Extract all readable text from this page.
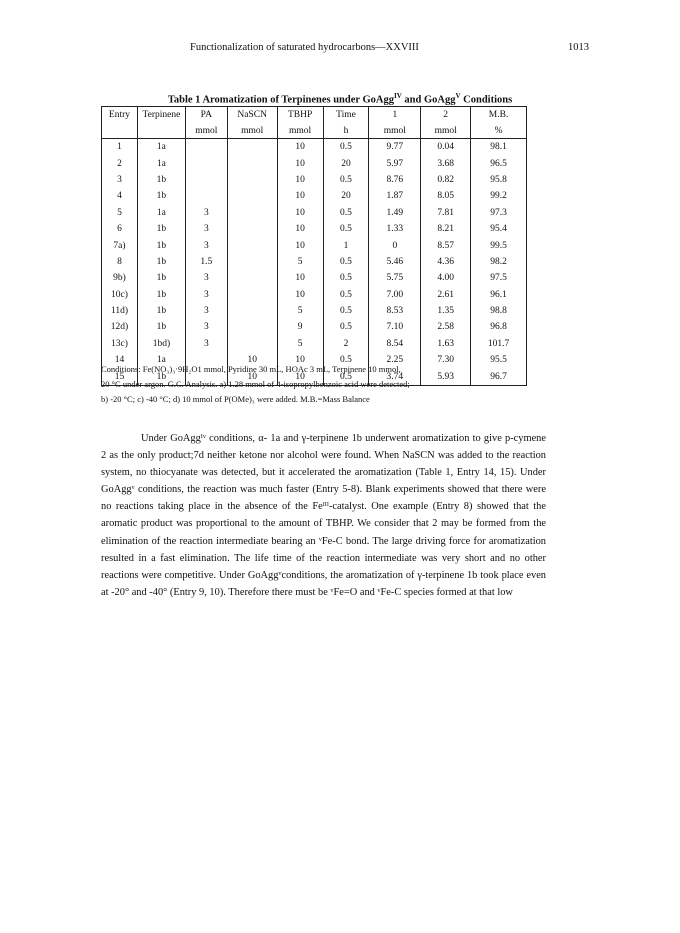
Functionalization of saturated hydrocarbons—XXVIII	1013
Table 1 Aromatization of Terpinenes under GoAgg$^{IV}$ and GoAgg$^V$ Conditions
Entry	Terpinene	PA	NaSCN	TBHP	Time	1	2	M.B.
		mmol	mmol	mmol	h	mmol	mmol	%
1	1a			10	0.5	9.77	0.04	98.1
2	1a			10	20	5.97	3.68	96.5
3	1b			10	0.5	8.76	0.82	95.8
4	1b			10	20	1.87	8.05	99.2
5	1a	3		10	0.5	1.49	7.81	97.3
6	1b	3		10	0.5	1.33	8.21	95.4
7a)	1b	3		10	1	0	8.57	99.5
8	1b	1.5		5	0.5	5.46	4.36	98.2
9b)	1b	3		10	0.5	5.75	4.00	97.5
10c)	1b	3		10	0.5	7.00	2.61	96.1
11d)	1b	3		5	0.5	8.53	1.35	98.8
12d)	1b	3		9	0.5	7.10	2.58	96.8
13c)	1bd)	3		5	2	8.54	1.63	101.7
14	1a		10	10	0.5	2.25	7.30	95.5
15	1b		10	10	0.5	3.74	5.93	96.7
Conditions: Fe(NO₃)₃·9H₂O1 mmol, Pyridine 30 mL, HOAc 3 mL, Terpinene 10 mmol,
20 °C under argon. G.C. Analysis. a) 1.28 mmol of 4-isopropylbenzoic acid were detected;
b) -20 °C; c) -40 °C; d) 10 mmol of P(OMe)₃ were added. M.B.=Mass Balance

Under GoAggᴵᵛ conditions, α- 1a and γ-terpinene 1b underwent aromatization to give p-cymene 2 as the only product;7d neither ketone nor alcohol were found. When NaSCN was added to the reaction system, no thiocyanate was detected, but it accelerated the aromatization (Table 1, Entry 14, 15). Under GoAggᵛ conditions, the reaction was much faster (Entry 5-8). Blank experiments showed that there were no reactions taking place in the absence of the Feᴵᴵᴵ-catalyst. One example (Entry 8) showed that the aromatic product was proportional to the amount of TBHP. We consider that 2 may be formed from the elimination of the reaction intermediate bearing an ᵛFe-C bond. The large driving force for aromatization resulted in a fast elimination. The life time of the reaction intermediate was very short and no other reactions were competitive. Under GoAggᵛconditions, the aromatization of γ-terpinene 1b took place even at -20° and -40° (Entry 9, 10). Therefore there must be ᵛFe=O and ᵛFe-C species formed at that low
